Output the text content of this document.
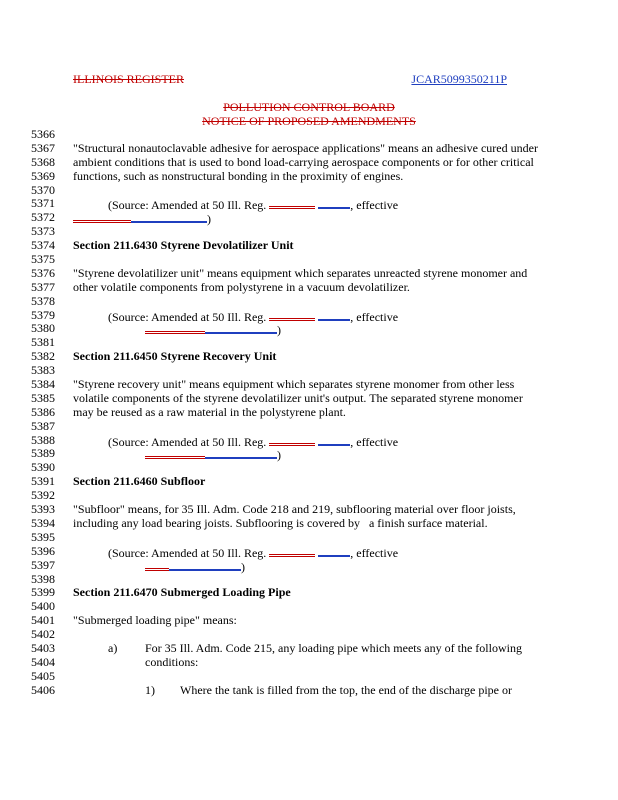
ILLINOIS REGISTER	JCAR5099350211P
POLLUTION CONTROL BOARD
NOTICE OF PROPOSED AMENDMENTS
5366
5367 "Structural nonautoclavable adhesive for aerospace applications" means an adhesive cured under
5368 ambient conditions that is used to bond load-carrying aerospace components or for other critical
5369 functions, such as nonstructural bonding in the proximity of engines.
5370
5371	(Source: Amended at 50 Ill. Reg.	, effective
5372	)
5373
5374 Section 211.6430 Styrene Devolatilizer Unit
5375
5376 "Styrene devolatilizer unit" means equipment which separates unreacted styrene monomer and
5377 other volatile components from polystyrene in a vacuum devolatilizer.
5378
5379	(Source: Amended at 50 Ill. Reg.	, effective
5380	)
5381
5382 Section 211.6450 Styrene Recovery Unit
5383
5384 "Styrene recovery unit" means equipment which separates styrene monomer from other less
5385 volatile components of the styrene devolatilizer unit's output. The separated styrene monomer
5386 may be reused as a raw material in the polystyrene plant.
5387
5388	(Source: Amended at 50 Ill. Reg.	, effective
5389	)
5390
5391 Section 211.6460 Subfloor
5392
5393 "Subfloor" means, for 35 Ill. Adm. Code 218 and 219, subflooring material over floor joists,
5394 including any load bearing joists. Subflooring is covered by   a finish surface material.
5395
5396	(Source: Amended at 50 Ill. Reg.	, effective
5397	)
5398
5399 Section 211.6470 Submerged Loading Pipe
5400
5401 "Submerged loading pipe" means:
5402
5403	a) For 35 Ill. Adm. Code 215, any loading pipe which meets any of the following
5404	conditions:
5405
5406	1) Where the tank is filled from the top, the end of the discharge pipe or
